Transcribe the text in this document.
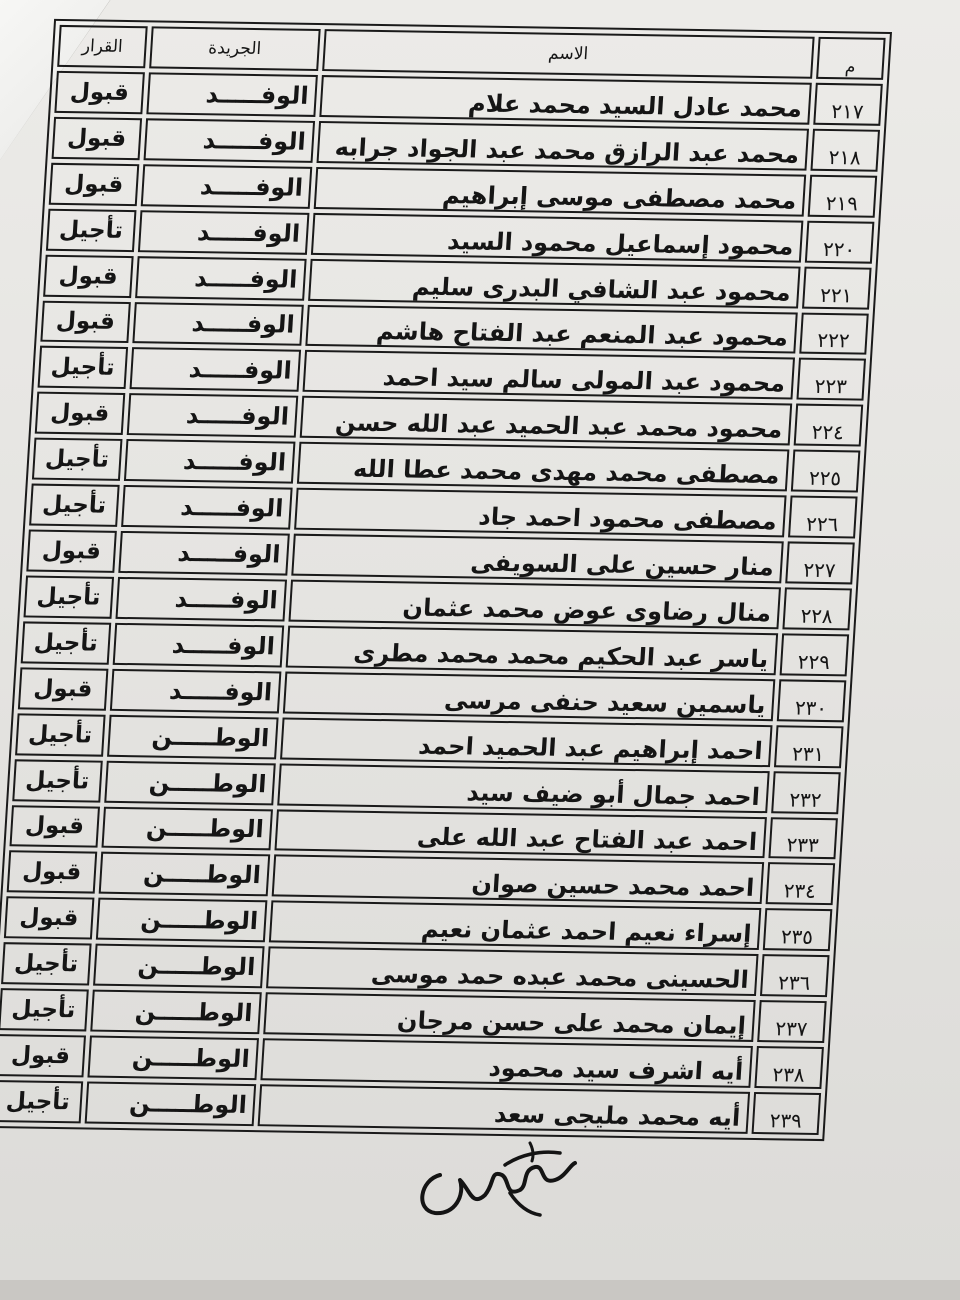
م	الاسم	الجريدة	القرار
٢١٧	محمد عادل السيد محمد علام	الوفـــــد	قبول
٢١٨	محمد عبد الرازق محمد عبد الجواد جرابه	الوفـــــد	قبول
٢١٩	محمد مصطفى موسى إبراهيم	الوفـــــد	قبول
٢٢٠	محمود إسماعيل محمود السيد	الوفـــــد	تأجيل
٢٢١	محمود عبد الشافي البدرى سليم	الوفـــــد	قبول
٢٢٢	محمود عبد المنعم عبد الفتاح هاشم	الوفـــــد	قبول
٢٢٣	محمود عبد المولى سالم سيد احمد	الوفـــــد	تأجيل
٢٢٤	محمود محمد عبد الحميد عبد الله حسن	الوفـــــد	قبول
٢٢٥	مصطفى محمد مهدى محمد عطا الله	الوفـــــد	تأجيل
٢٢٦	مصطفى محمود احمد جاد	الوفـــــد	تأجيل
٢٢٧	منار حسين على السويفى	الوفـــــد	قبول
٢٢٨	منال رضاوى عوض محمد عثمان	الوفـــــد	تأجيل
٢٢٩	ياسر عبد الحكيم محمد محمد مطرى	الوفـــــد	تأجيل
٢٣٠	ياسمين سعيد حنفى مرسى	الوفـــــد	قبول
٢٣١	احمد إبراهيم عبد الحميد احمد	الوطـــــن	تأجيل
٢٣٢	احمد جمال أبو ضيف سيد	الوطـــــن	تأجيل
٢٣٣	احمد عبد الفتاح عبد الله على	الوطـــــن	قبول
٢٣٤	احمد محمد حسين صوان	الوطـــــن	قبول
٢٣٥	إسراء نعيم احمد عثمان نعيم	الوطـــــن	قبول
٢٣٦	الحسينى محمد عبده حمد موسى	الوطـــــن	تأجيل
٢٣٧	إيمان محمد على حسن مرجان	الوطـــــن	تأجيل
٢٣٨	أيه اشرف سيد محمود	الوطـــــن	قبول
٢٣٩	أيه محمد مليجى سعد	الوطـــــن	تأجيل
